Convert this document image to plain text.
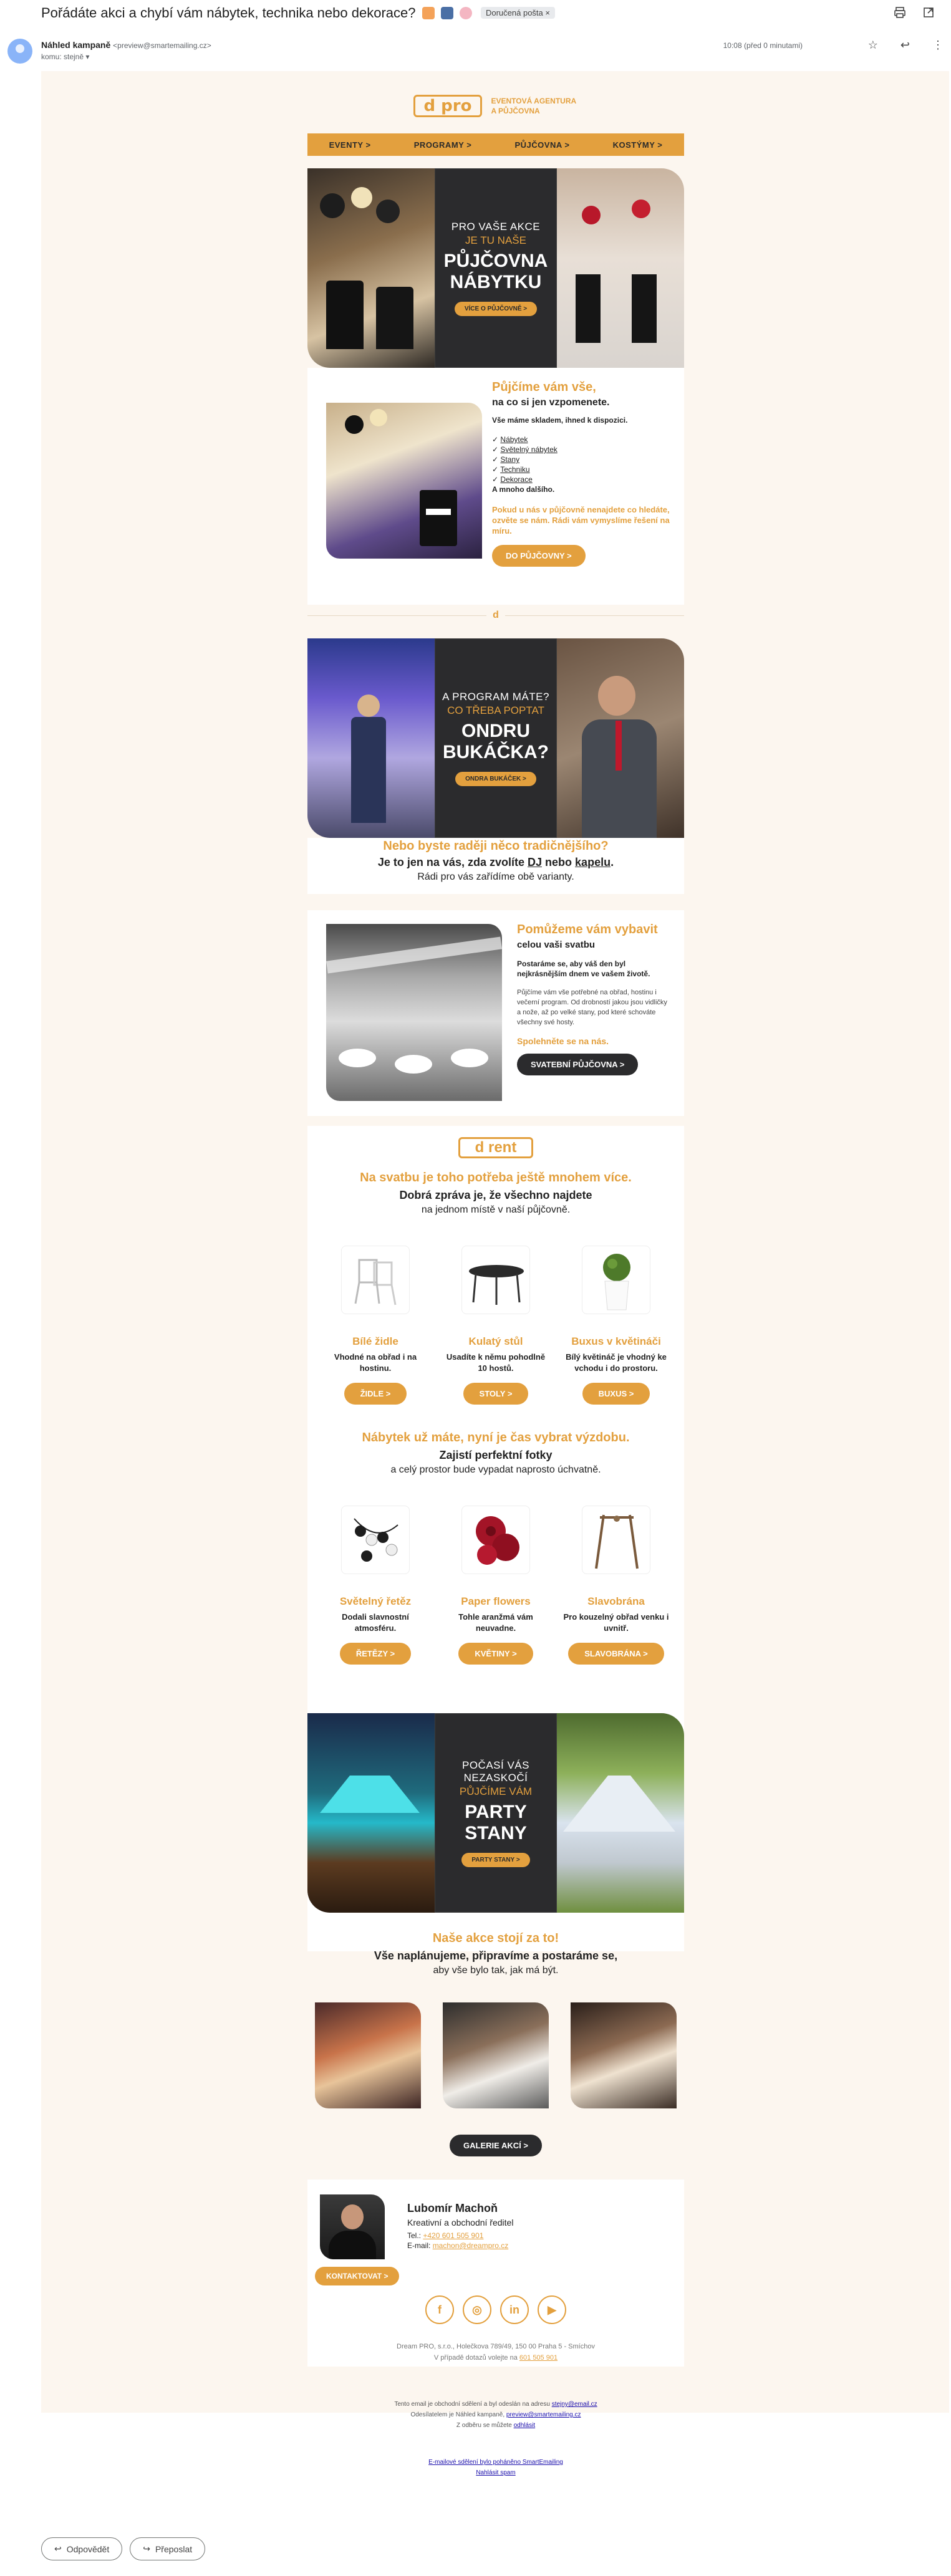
Pořádáte akci a chybí vám nábytek, technika nebo dekorace?	Doručená pošta ×
Náhled kampaně <preview@smartemailing.cz>
komu: stejně ▾
10:08 (před 0 minutami)	☆ ↩ ⋮
d pro	EVENTOVÁ AGENTURA A PŮJČOVNA
EVENTY >	PROGRAMY >	PŮJČOVNA >	KOSTÝMY >
PRO VAŠE AKCE
JE TU NAŠE
PŮJČOVNA
NÁBYTKU
VÍCE O PŮJČOVNĚ >
Půjčíme vám vše,
na co si jen vzpomenete.
Vše máme skladem, ihned k dispozici.
✓ Nábytek
✓ Světelný nábytek
✓ Stany
✓ Techniku
✓ Dekorace
A mnoho dalšího.
Pokud u nás v půjčovně nenajdete co hledáte, ozvěte se nám. Rádi vám vymyslíme řešení na míru.
DO PŮJČOVNY >
d
A PROGRAM MÁTE?
CO TŘEBA POPTAT
ONDRU
BUKÁČKA?
ONDRA BUKÁČEK >
Nebo byste raději něco tradičnějšího?
Je to jen na vás, zda zvolíte DJ nebo kapelu.
Rádi pro vás zařídíme obě varianty.
Pomůžeme vám vybavit
celou vaši svatbu
Postaráme se, aby váš den byl nejkrásnějším dnem ve vašem životě.
Půjčíme vám vše potřebné na obřad, hostinu i večerní program. Od drobností jakou jsou vidličky a nože, až po velké stany, pod které schováte všechny své hosty.
Spolehněte se na nás.
SVATEBNÍ PŮJČOVNA >
d rent
Na svatbu je toho potřeba ještě mnohem více.
Dobrá zpráva je, že všechno najdete
na jednom místě v naší půjčovně.
Bílé židle
Vhodné na obřad i na hostinu.
ŽIDLE >
Kulatý stůl
Usadíte k němu pohodlně 10 hostů.
STOLY >
Buxus v květináči
Bílý květináč je vhodný ke vchodu i do prostoru.
BUXUS >
Nábytek už máte, nyní je čas vybrat výzdobu.
Zajistí perfektní fotky
a celý prostor bude vypadat naprosto úchvatně.
Světelný řetěz
Dodali slavnostní atmosféru.
ŘETĚZY >
Paper flowers
Tohle aranžmá vám neuvadne.
KVĚTINY >
Slavobrána
Pro kouzelný obřad venku i uvnitř.
SLAVOBRÁNA >
POČASÍ VÁS NEZASKOČÍ
PŮJČÍME VÁM
PARTY
STANY
PARTY STANY >
Naše akce stojí za to!
Vše naplánujeme, připravíme a postaráme se,
aby vše bylo tak, jak má být.
GALERIE AKCÍ >
Lubomír Machoň
Kreativní a obchodní ředitel
Tel.: +420 601 505 901
E-mail: machon@dreampro.cz
KONTAKTOVAT >
f	◎	in	▶
Dream PRO, s.r.o., Holečkova 789/49, 150 00 Praha 5 - Smíchov
V případě dotazů volejte na 601 505 901
Tento email je obchodní sdělení a byl odeslán na adresu stejny@email.cz
Odesílatelem je Náhled kampaně, preview@smartemailing.cz
Z odběru se můžete odhlásit
E-mailové sdělení bylo poháněno SmartEmailing
Nahlásit spam
↩ Odpovědět	↪ Přeposlat
